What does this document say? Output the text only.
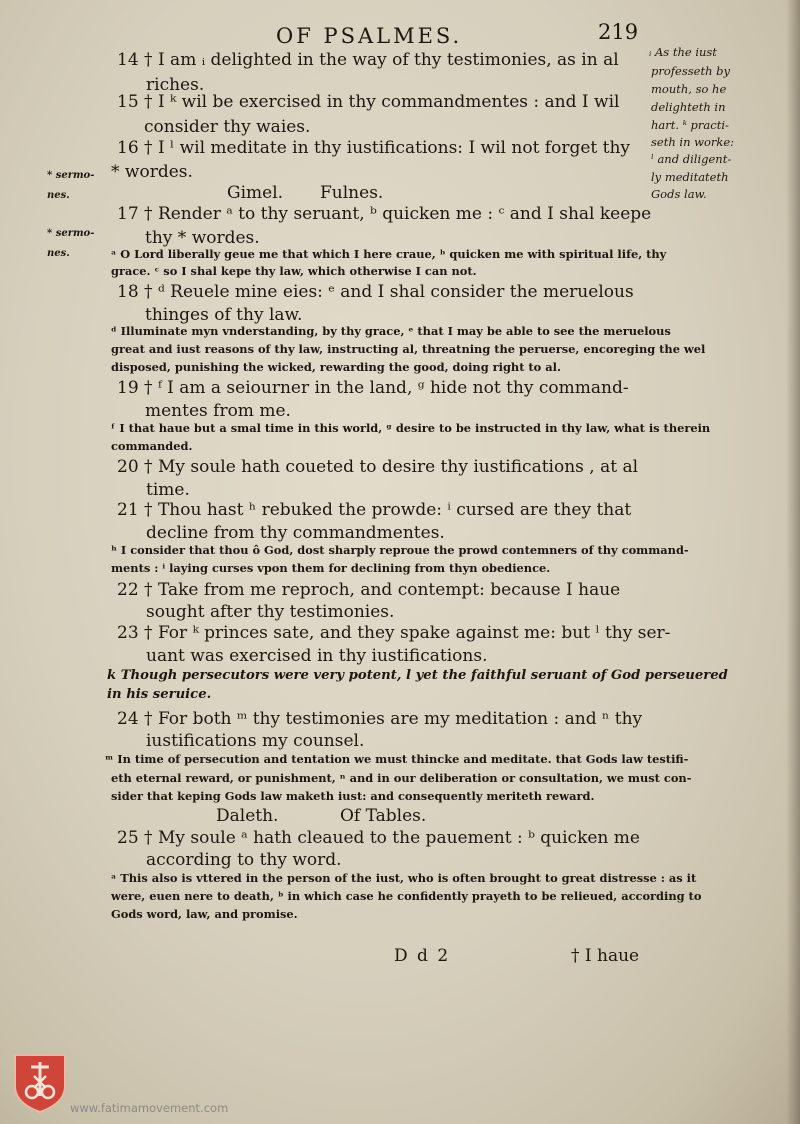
OF PSALMES.	219
ᵢ As the iust
professeth by
mouth, so he
delighteth in
hart. ᵏ practi-
seth in worke:
ˡ and diligent-
ly meditateth
Gods law.
* sermo-
nes.
* sermo-
nes.
14 † I am ᵢ delighted in the way of thy testimonies, as in al
riches.
15 † I ᵏ wil be exercised in thy commandmentes : and I wil
consider thy waies.
16 † I ˡ wil meditate in thy iustifications: I wil not forget thy
* wordes.
Gimel. Fulnes.
17 † Render ᵃ to thy seruant, ᵇ quicken me : ᶜ and I shal keepe
thy * wordes.
ᵃ O Lord liberally geue me that which I here craue, ᵇ quicken me with spiritual life, thy
grace. ᶜ so I shal kepe thy law, which otherwise I can not.
18 † ᵈ Reuele mine eies: ᵉ and I shal consider the meruelous
thinges of thy law.
ᵈ Illuminate myn vnderstanding, by thy grace, ᵉ that I may be able to see the meruelous
great and iust reasons of thy law, instructing al, threatning the peruerse, encoreging the wel
disposed, punishing the wicked, rewarding the good, doing right to al.
19 † ᶠ I am a seiourner in the land, ᵍ hide not thy command-
mentes from me.
ᶠ I that haue but a smal time in this world, ᵍ desire to be instructed in thy law, what is therein
commanded.
20 † My soule hath coueted to desire thy iustifications , at al
time.
21 † Thou hast ʰ rebuked the prowde: ⁱ cursed are they that
decline from thy commandmentes.
ʰ I consider that thou ô God, dost sharply reproue the prowd contemners of thy command-
ments : ⁱ laying curses vpon them for declining from thyn obedience.
22 † Take from me reproch, and contempt: because I haue
sought after thy testimonies.
23 † For ᵏ princes sate, and they spake against me: but ˡ thy ser-
uant was exercised in thy iustifications.
k Though persecutors were very potent, l yet the faithful seruant of God perseuered
in his seruice.
24 † For both ᵐ thy testimonies are my meditation : and ⁿ thy
iustifications my counsel.
ᵐ In time of persecution and tentation we must thincke and meditate. that Gods law testifi-
eth eternal reward, or punishment, ⁿ and in our deliberation or consultation, we must con-
sider that keping Gods law maketh iust: and consequently meriteth reward.
Daleth.	Of Tables.
25 † My soule ᵃ hath cleaued to the pauement : ᵇ quicken me
according to thy word.
ᵃ This also is vttered in the person of the iust, who is often brought to great distresse : as it
were, euen nere to death, ᵇ in which case he confidently prayeth to be relieued, according to
Gods word, law, and promise.
D d 2	† I haue
www.fatimamovement.com
